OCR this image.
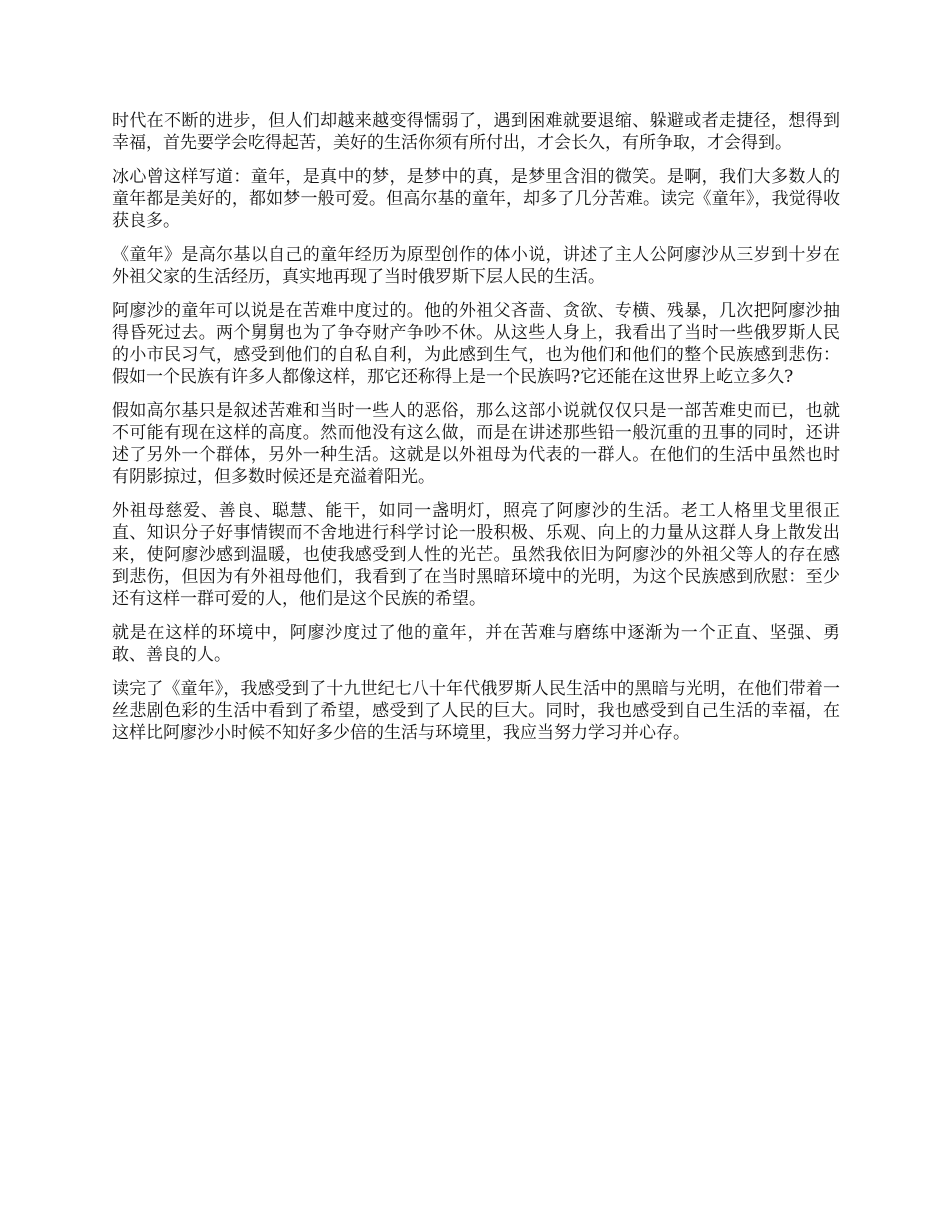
时代在不断的进步，但人们却越来越变得懦弱了，遇到困难就要退缩、躲避或者走捷径，想得到幸福，首先要学会吃得起苦，美好的生活你须有所付出，才会长久，有所争取，才会得到。

冰心曾这样写道：童年，是真中的梦，是梦中的真，是梦里含泪的微笑。是啊，我们大多数人的童年都是美好的，都如梦一般可爱。但高尔基的童年，却多了几分苦难。读完《童年》，我觉得收获良多。

《童年》是高尔基以自己的童年经历为原型创作的体小说，讲述了主人公阿廖沙从三岁到十岁在外祖父家的生活经历，真实地再现了当时俄罗斯下层人民的生活。

阿廖沙的童年可以说是在苦难中度过的。他的外祖父吝啬、贪欲、专横、残暴，几次把阿廖沙抽得昏死过去。两个舅舅也为了争夺财产争吵不休。从这些人身上，我看出了当时一些俄罗斯人民的小市民习气，感受到他们的自私自利，为此感到生气，也为他们和他们的整个民族感到悲伤：假如一个民族有许多人都像这样，那它还称得上是一个民族吗?它还能在这世界上屹立多久?

假如高尔基只是叙述苦难和当时一些人的恶俗，那么这部小说就仅仅只是一部苦难史而已，也就不可能有现在这样的高度。然而他没有这么做，而是在讲述那些铅一般沉重的丑事的同时，还讲述了另外一个群体，另外一种生活。这就是以外祖母为代表的一群人。在他们的生活中虽然也时有阴影掠过，但多数时候还是充溢着阳光。

外祖母慈爱、善良、聪慧、能干，如同一盏明灯，照亮了阿廖沙的生活。老工人格里戈里很正直、知识分子好事情锲而不舍地进行科学讨论一股积极、乐观、向上的力量从这群人身上散发出来，使阿廖沙感到温暖，也使我感受到人性的光芒。虽然我依旧为阿廖沙的外祖父等人的存在感到悲伤，但因为有外祖母他们，我看到了在当时黑暗环境中的光明，为这个民族感到欣慰：至少还有这样一群可爱的人，他们是这个民族的希望。

就是在这样的环境中，阿廖沙度过了他的童年，并在苦难与磨练中逐渐为一个正直、坚强、勇敢、善良的人。

读完了《童年》，我感受到了十九世纪七八十年代俄罗斯人民生活中的黑暗与光明，在他们带着一丝悲剧色彩的生活中看到了希望，感受到了人民的巨大。同时，我也感受到自己生活的幸福，在这样比阿廖沙小时候不知好多少倍的生活与环境里，我应当努力学习并心存。
